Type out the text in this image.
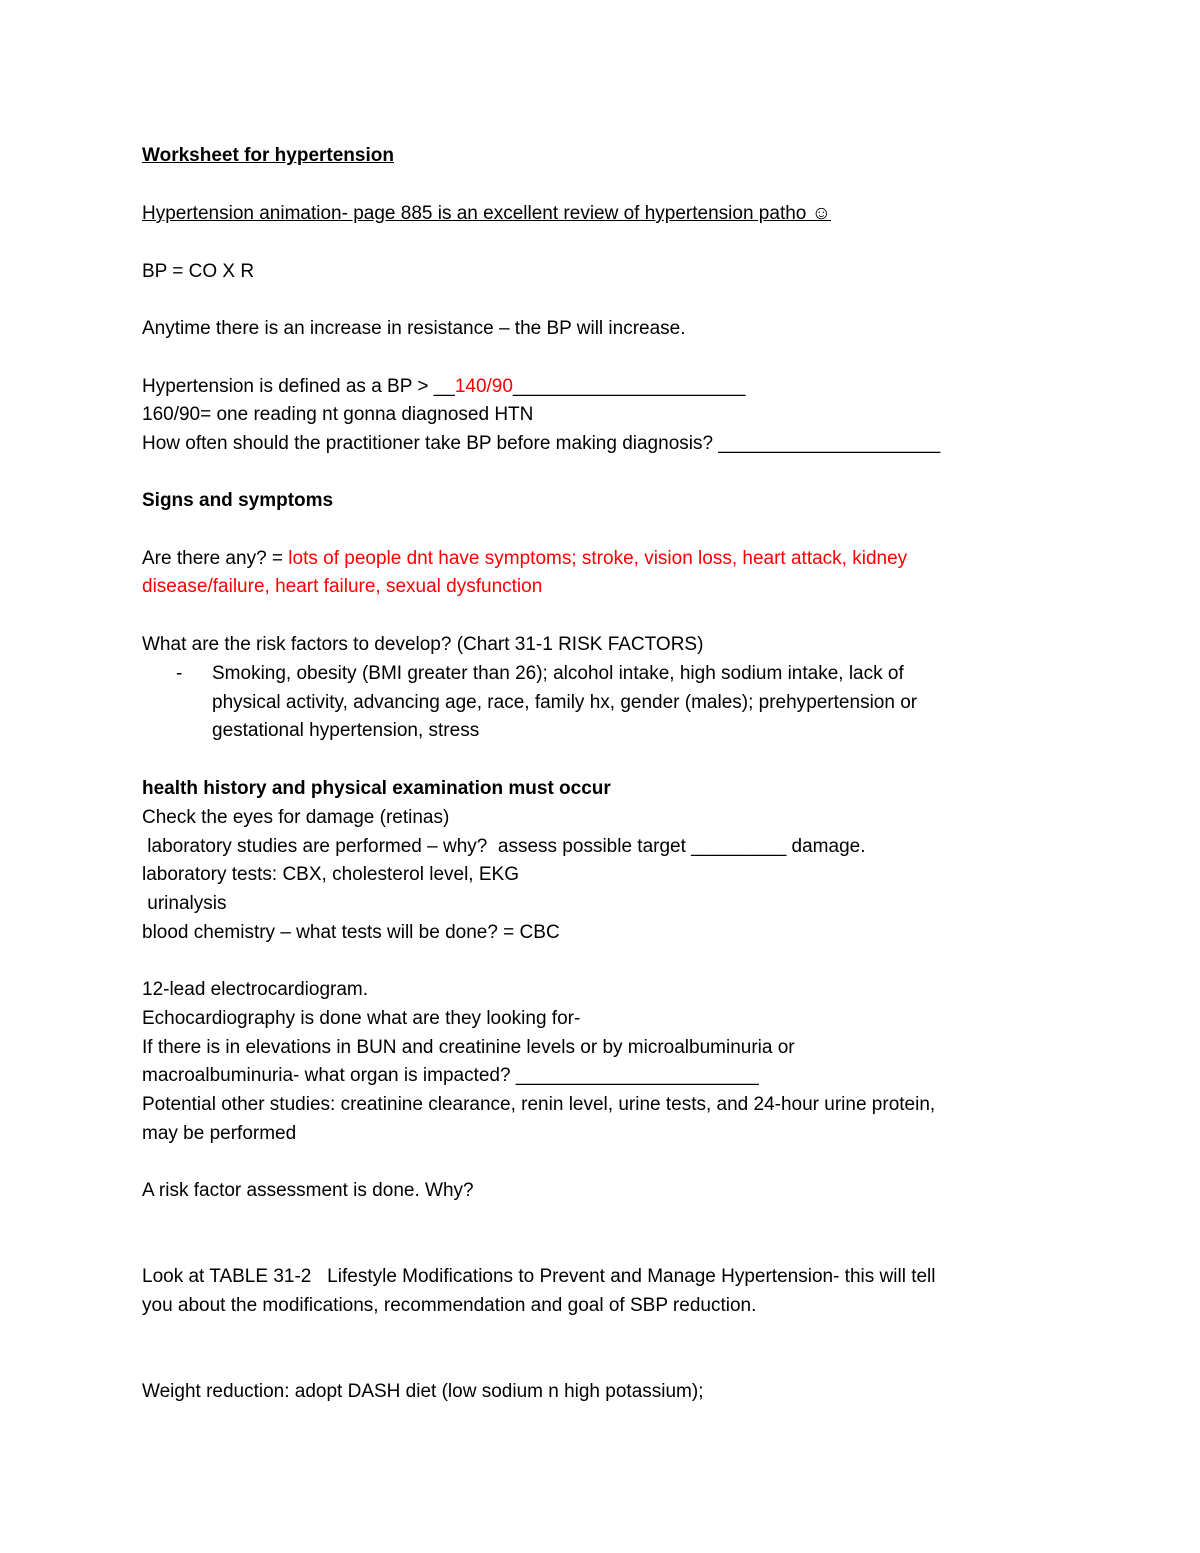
Worksheet for hypertension
Hypertension animation- page 885 is an excellent review of hypertension patho ☺
BP = CO X R
Anytime there is an increase in resistance – the BP will increase.
Hypertension is defined as a BP > __140/90______________________
160/90= one reading nt gonna diagnosed HTN
How often should the practitioner take BP before making diagnosis? _____________________
Signs and symptoms
Are there any? = lots of people dnt have symptoms; stroke, vision loss, heart attack, kidney
disease/failure, heart failure, sexual dysfunction
What are the risk factors to develop? (Chart 31-1 RISK FACTORS)
- Smoking, obesity (BMI greater than 26); alcohol intake, high sodium intake, lack of
physical activity, advancing age, race, family hx, gender (males); prehypertension or
gestational hypertension, stress
health history and physical examination must occur
Check the eyes for damage (retinas)
laboratory studies are performed – why?  assess possible target _________ damage.
laboratory tests: CBX, cholesterol level, EKG
urinalysis
blood chemistry – what tests will be done? = CBC
12-lead electrocardiogram.
Echocardiography is done what are they looking for-
If there is in elevations in BUN and creatinine levels or by microalbuminuria or
macroalbuminuria- what organ is impacted? _______________________
Potential other studies: creatinine clearance, renin level, urine tests, and 24-hour urine protein,
may be performed
A risk factor assessment is done. Why?
Look at TABLE 31-2   Lifestyle Modifications to Prevent and Manage Hypertension- this will tell
you about the modifications, recommendation and goal of SBP reduction.
Weight reduction: adopt DASH diet (low sodium n high potassium);
